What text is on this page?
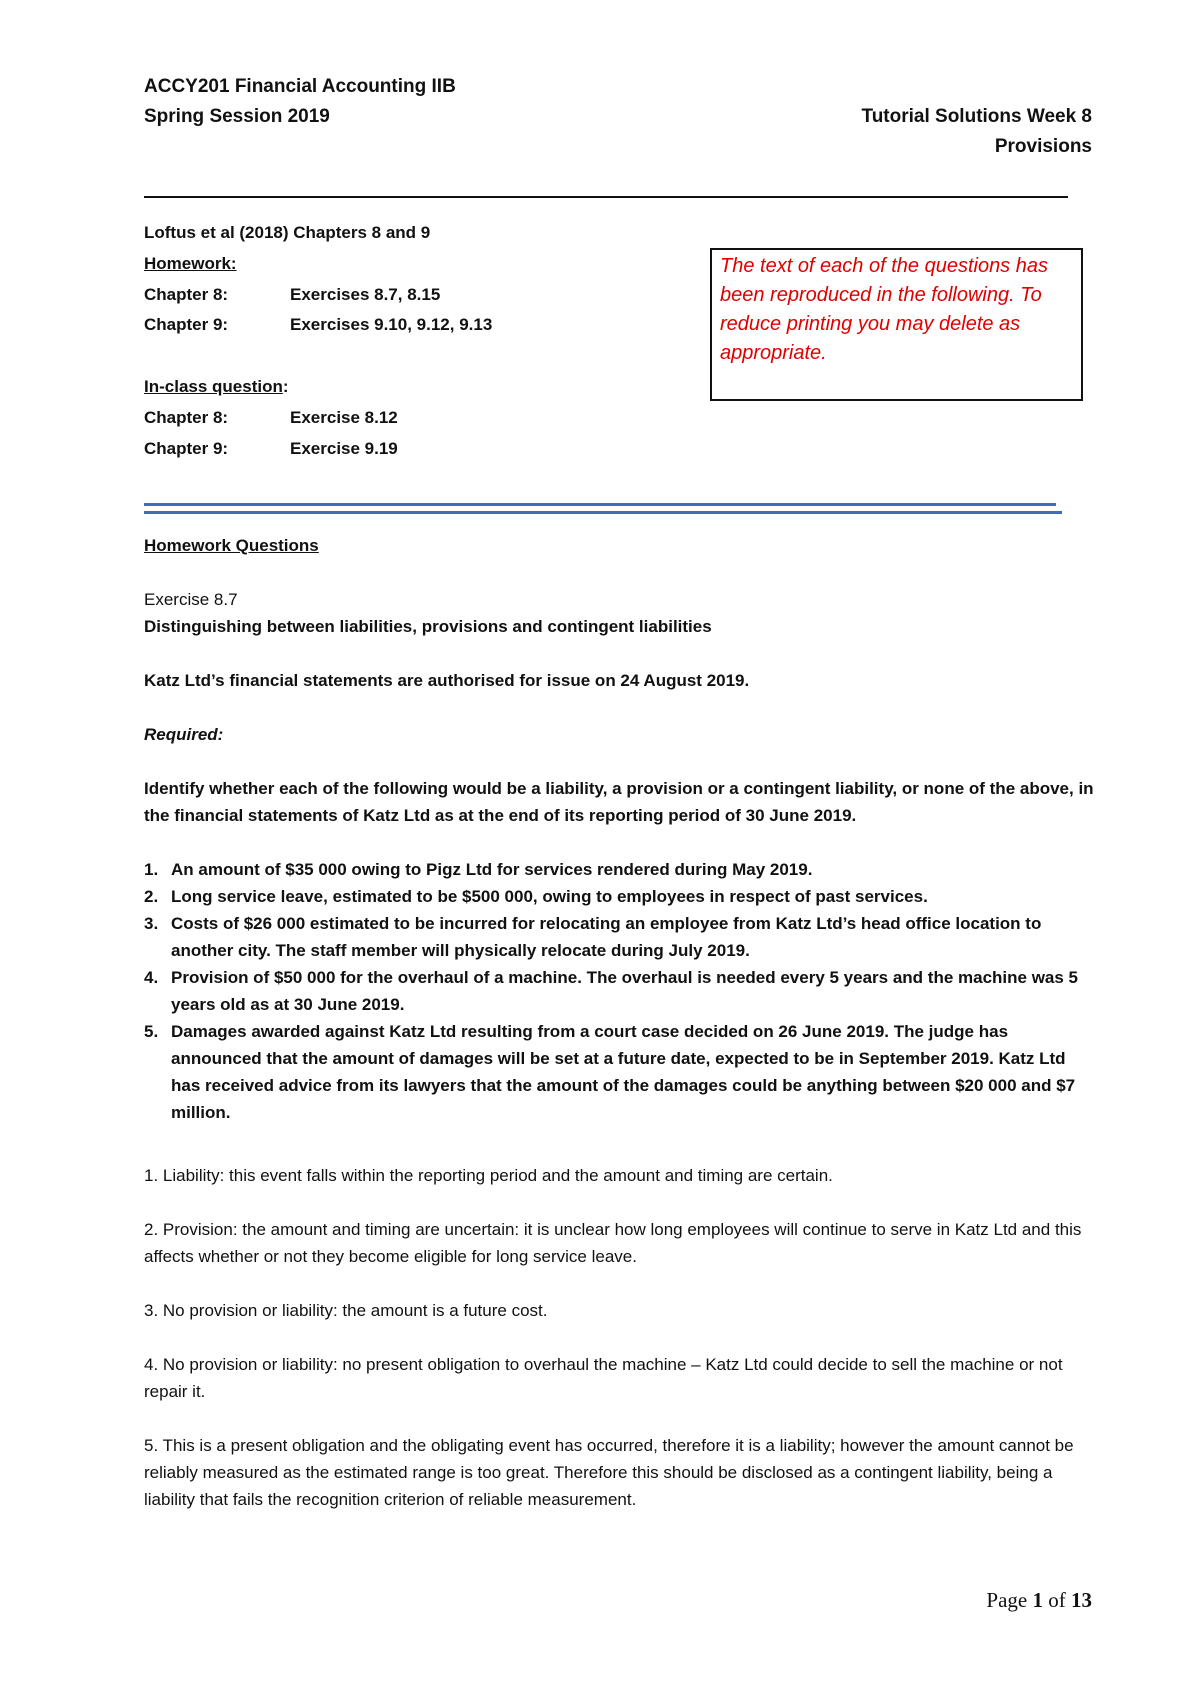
ACCY201 Financial Accounting IIB
Spring Session 2019	Tutorial Solutions Week 8
Provisions
Loftus et al (2018) Chapters 8 and 9
Homework:
Chapter 8:	Exercises 8.7, 8.15
Chapter 9:	Exercises 9.10, 9.12, 9.13
In-class question:
Chapter 8:	Exercise 8.12
Chapter 9:	Exercise 9.19
The text of each of the questions has been reproduced in the following. To reduce printing you may delete as appropriate.
Homework Questions
Exercise 8.7
Distinguishing between liabilities, provisions and contingent liabilities
Katz Ltd’s financial statements are authorised for issue on 24 August 2019.
Required:
Identify whether each of the following would be a liability, a provision or a contingent liability, or none of the above, in the financial statements of Katz Ltd as at the end of its reporting period of 30 June 2019.
1. An amount of $35 000 owing to Pigz Ltd for services rendered during May 2019.
2. Long service leave, estimated to be $500 000, owing to employees in respect of past services.
3. Costs of $26 000 estimated to be incurred for relocating an employee from Katz Ltd’s head office location to another city. The staff member will physically relocate during July 2019.
4. Provision of $50 000 for the overhaul of a machine. The overhaul is needed every 5 years and the machine was 5 years old as at 30 June 2019.
5. Damages awarded against Katz Ltd resulting from a court case decided on 26 June 2019. The judge has announced that the amount of damages will be set at a future date, expected to be in September 2019. Katz Ltd has received advice from its lawyers that the amount of the damages could be anything between $20 000 and $7 million.
1. Liability: this event falls within the reporting period and the amount and timing are certain.
2. Provision: the amount and timing are uncertain: it is unclear how long employees will continue to serve in Katz Ltd and this affects whether or not they become eligible for long service leave.
3. No provision or liability: the amount is a future cost.
4. No provision or liability: no present obligation to overhaul the machine – Katz Ltd could decide to sell the machine or not repair it.
5. This is a present obligation and the obligating event has occurred, therefore it is a liability; however the amount cannot be reliably measured as the estimated range is too great. Therefore this should be disclosed as a contingent liability, being a liability that fails the recognition criterion of reliable measurement.
Page 1 of 13
